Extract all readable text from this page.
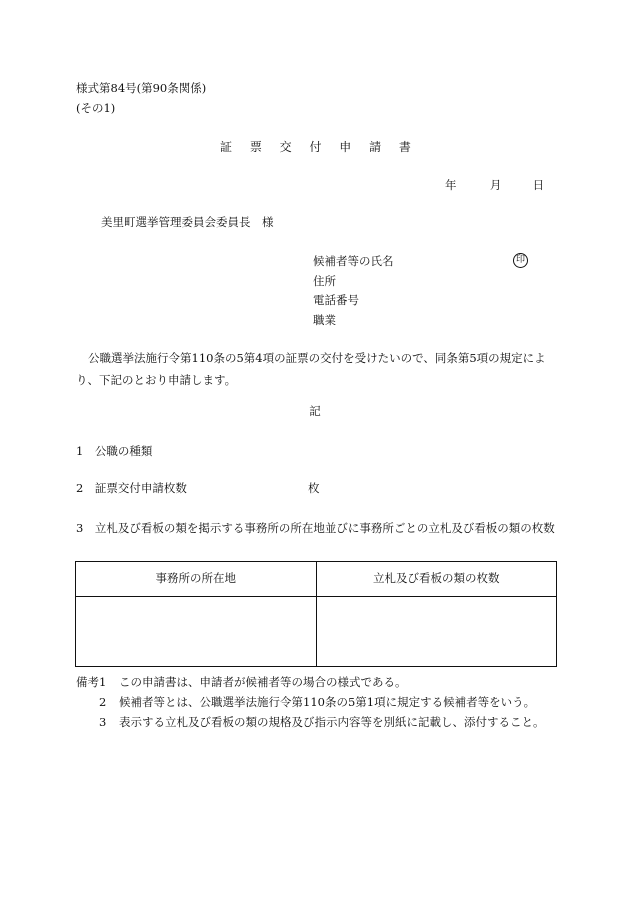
様式第84号(第90条関係)
(その1)
証 票 交 付 申 請 書
年	月	日
美里町選挙管理委員会委員長　様
候補者等の氏名
住所
電話番号
職業
印
公職選挙法施行令第110条の5第4項の証票の交付を受けたいので、同条第5項の規定により、下記のとおり申請します。
記
1　公職の種類
2　証票交付申請枚数	枚
3　立札及び看板の類を掲示する事務所の所在地並びに事務所ごとの立札及び看板の類の枚数
事務所の所在地	立札及び看板の類の枚数

備考1 この申請書は、申請者が候補者等の場合の様式である。
2 候補者等とは、公職選挙法施行令第110条の5第1項に規定する候補者等をいう。
3 表示する立札及び看板の類の規格及び指示内容等を別紙に記載し、添付すること。
